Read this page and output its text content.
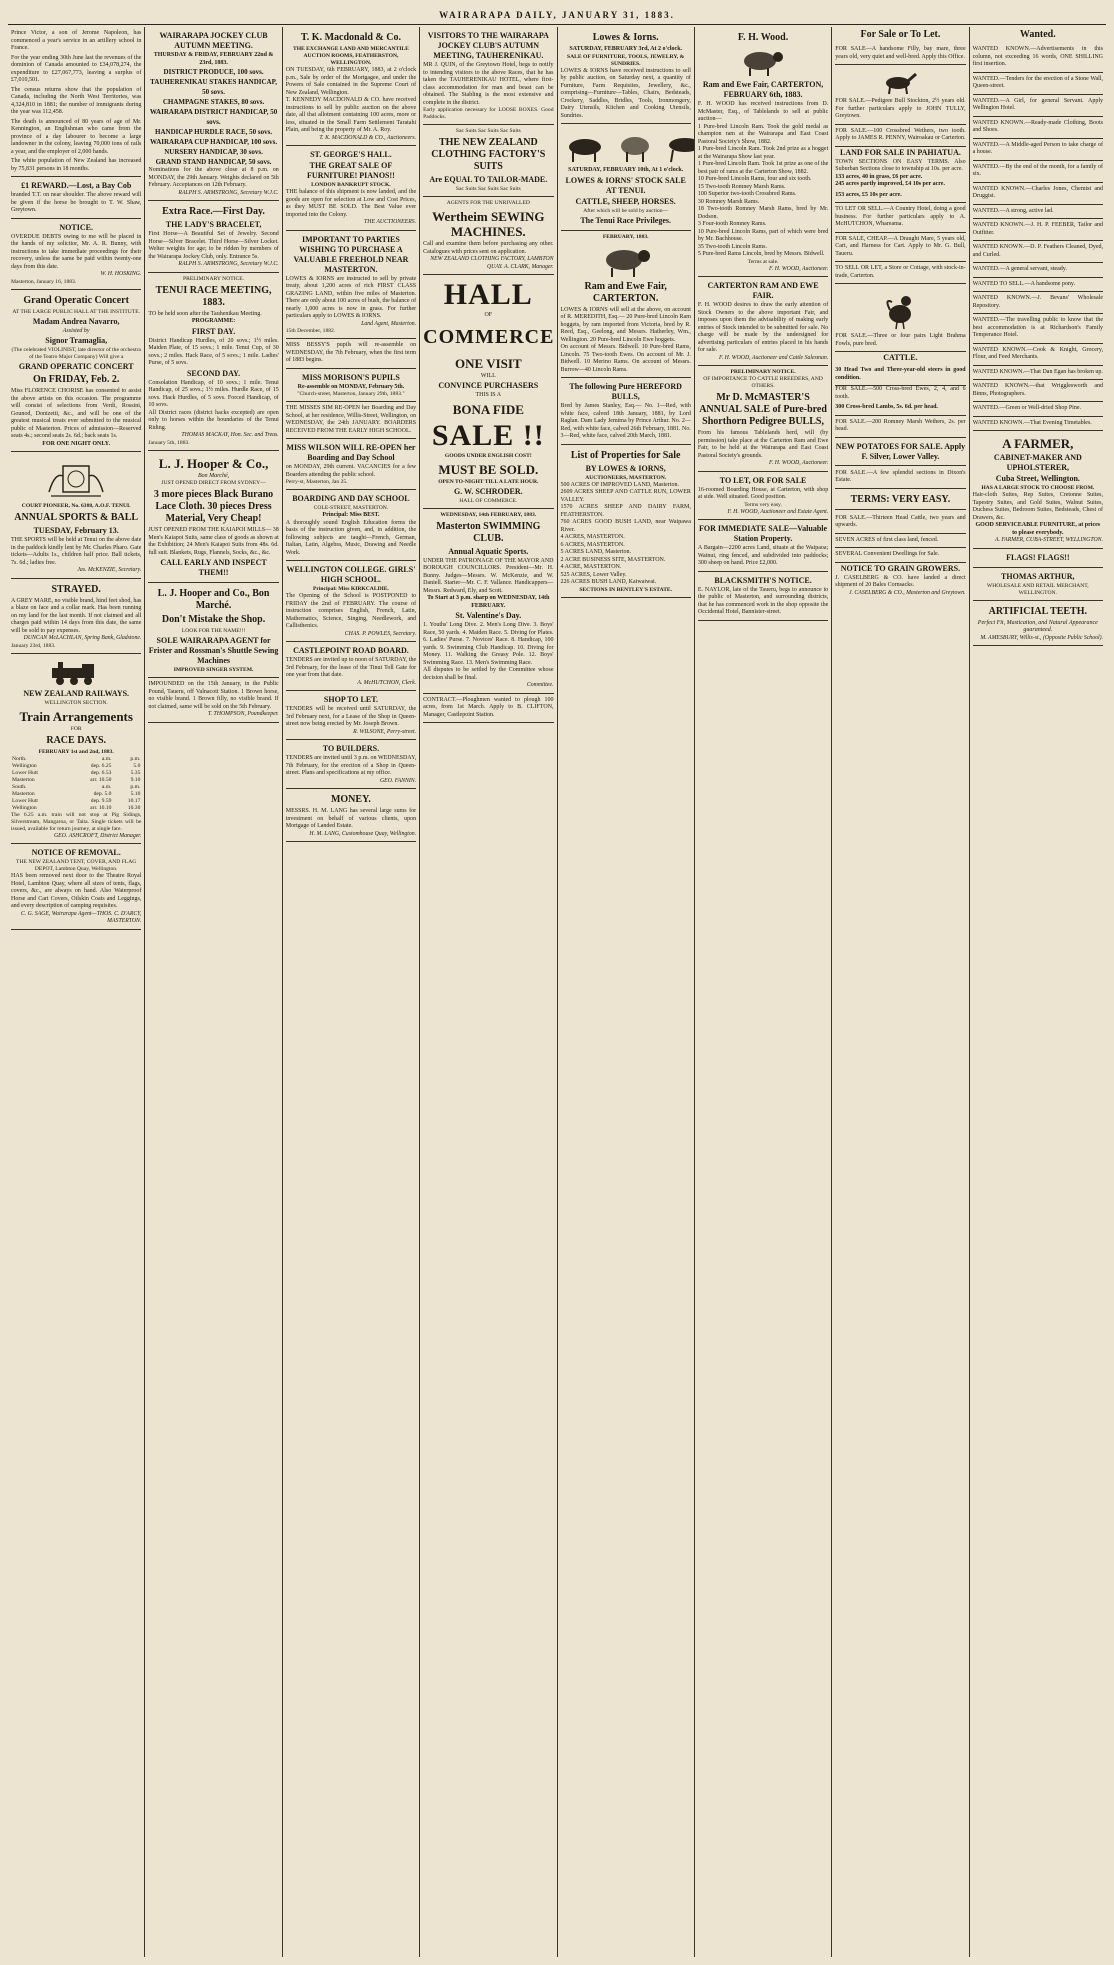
WAIRARAPA DAILY, JANUARY 31, 1883.

Prince Victor, a son of Jerome Napoleon, has commenced a year's service in an artillery school in France.

For the year ending 30th June last the revenues of the dominion of Canada amounted to £34,078,274, the expenditure to £27,067,773, leaving a surplus of £7,010,501.

The census returns show that the population of Canada, including the North West Territories, was 4,324,810 in 1881; the number of immigrants during the year was 112,458.

The death is announced of 80 years of age of Mr. Kennington, an Englishman who came from the province of a day labourer to become a large landowner in the colony, leaving 70,000 tons of rails a year, and the employer of 2,000 hands.

The white population of New Zealand has increased by 75,831 persons in 18 months.

£1 REWARD.—Lost, a Bay Cob
branded T.T. on near shoulder. The above reward will be given if the horse be brought to T. W. Shaw, Greytown.
NOTICE.
OVERDUE DEBTS owing to me will be placed in the hands of my solicitor, Mr. A. R. Bunny, with instructions to take immediate proceedings for their recovery, unless the same be paid within twenty-one days from this date.
W. H. HOSKING.
Masterton, January 16, 1883.
Grand Operatic Concert
AT THE LARGE PUBLIC HALL AT THE INSTITUTE.
Madam Andrea Navarro,
Assisted by
Signor Tramaglia,
(The celebrated VIOLINIST, late director of the orchestra of the Teatro Major Company) Will give a
GRAND OPERATIC CONCERT
On FRIDAY, Feb. 2.
Miss FLORENCE CHORISE has consented to assist the above artists on this occasion. The programme will consist of selections from Verdi, Rossini, Gounod, Donizetti, &c., and will be one of the greatest musical treats ever submitted to the musical public of Masterton. Prices of admission—Reserved seats 4s.; second seats 2s. 6d.; back seats 1s.
FOR ONE NIGHT ONLY.
COURT PIONEER, No. 6388, A.O.F. TENUI.
ANNUAL SPORTS & BALL
TUESDAY, February 13.
THE SPORTS will be held at Tenui on the above date in the paddock kindly lent by Mr. Charles Pharo. Gate tickets—Adults 1s., children half price. Ball tickets, 7s. 6d.; ladies free.
Jas. McKENZIE, Secretary.
STRAYED.
A GREY MARE, no visible brand, hind feet shod, has a blaze on face and a collar mark. Has been running on my land for the last month. If not claimed and all charges paid within 14 days from this date, the same will be sold to pay expenses.
DUNCAN McLACHLAN, Spring Bank, Gladstone.
January 23rd, 1883.
NEW ZEALAND RAILWAYS.
WELLINGTON SECTION.
Train Arrangements
FOR
RACE DAYS.
FEBRUARY 1st and 2nd, 1883.
North.	a.m.	p.m.
Wellington	dep. 6.25	5.0
Lower Hutt	dep. 6.53	5.35
Masterton	arr. 10.50	9.10
South.	a.m.	p.m.
Masterton	dep. 5.0	5.10
Lower Hutt	dep. 9.59	10.17
Wellington	arr. 10.10	10.30
The 6.25 a.m. train will not stop at Pig Sidings, Silverstream, Mangaroa, or Taita. Single tickets will be issued, available for return journey, at single fare.
GEO. ASHCROFT, District Manager.
NOTICE OF REMOVAL.
THE NEW ZEALAND TENT, COVER, AND FLAG DEPOT, Lambton Quay, Wellington.
HAS been removed next door to the Theatre Royal Hotel, Lambton Quay, where all sizes of tents, flags, covers, &c., are always on hand. Also Waterproof Horse and Cart Covers, Oilskin Coats and Leggings, and every description of camping requisites.
C. G. SAGE, Wairarapa Agent—THOS. C. D'ARCY, MASTERTON.
WAIRARAPA JOCKEY CLUB AUTUMN MEETING.
THURSDAY & FRIDAY, FEBRUARY 22nd & 23rd, 1883.
DISTRICT PRODUCE, 100 sovs.
TAUHERENIKAU STAKES HANDICAP, 50 sovs.
CHAMPAGNE STAKES, 80 sovs.
WAIRARAPA DISTRICT HANDICAP, 50 sovs.
HANDICAP HURDLE RACE, 50 sovs.
WAIRARAPA CUP HANDICAP, 100 sovs.
NURSERY HANDICAP, 30 sovs.
GRAND STAND HANDICAP, 50 sovs.
Nominations for the above close at 8 p.m. on MONDAY, the 29th January. Weights declared on 5th February. Acceptances on 12th February.
RALPH S. ARMSTRONG, Secretary W.J.C.
Extra Race.—First Day.
THE LADY'S BRACELET,
First Horse—A Beautiful Set of Jewelry. Second Horse—Silver Bracelet. Third Horse—Silver Locket. Welter weights for age; to be ridden by members of the Wairarapa Jockey Club, only. Entrance 5s.
RALPH S. ARMSTRONG, Secretary W.J.C.
PRELIMINARY NOTICE.
TENUI RACE MEETING, 1883.
TO be held soon after the Tauhenikau Meeting.
PROGRAMME:
FIRST DAY.
District Handicap Hurdles, of 20 sovs.; 1½ miles. Maiden Plate, of 15 sovs.; 1 mile. Tenui Cup, of 30 sovs.; 2 miles. Hack Race, of 5 sovs.; 1 mile. Ladies' Purse, of 5 sovs.
SECOND DAY.
Consolation Handicap, of 10 sovs.; 1 mile. Tenui Handicap, of 25 sovs.; 1½ miles. Hurdle Race, of 15 sovs. Hack Hurdles, of 5 sovs. Forced Handicap, of 10 sovs.
All District races (district hacks excepted) are open only to horses within the boundaries of the Tenui Riding.
THOMAS MACKAY, Hon. Sec. and Treas.
January 5th, 1883.
L. J. Hooper & Co.,
Bon Marché,
JUST OPENED DIRECT FROM SYDNEY—
3 more pieces Black Burano Lace Cloth. 30 pieces Dress Material, Very Cheap!
JUST OPENED FROM THE KAIAPOI MILLS— 38 Men's Kaiapoi Suits, same class of goods as shown at the Exhibition; 24 Men's Kaiapoi Suits from 48s. 6d. full suit. Blankets, Rugs, Flannels, Socks, &c., &c.
CALL EARLY AND INSPECT THEM!!
L. J. Hooper and Co., Bon Marché.
Don't Mistake the Shop.
LOOK FOR THE NAME!!!
SOLE WAIRARAPA AGENT for Frister and Rossman's Shuttle Sewing Machines
IMPROVED SINGER SYSTEM.
IMPOUNDED on the 15th January, in the Public Pound, Taueru, off Valnacott Station. 1 Brown horse, no visible brand. 1 Brown filly, no visible brand. If not claimed, same will be sold on the 5th February.
T. THOMPSON, Poundkeeper.
T. K. Macdonald & Co.
THE EXCHANGE LAND AND MERCANTILE AUCTION ROOMS, FEATHERSTON, WELLINGTON.
ON TUESDAY, 6th FEBRUARY, 1883, at 2 o'clock p.m., Sale by order of the Mortgagee, and under the Powers of Sale contained in the Supreme Court of New Zealand, Wellington.
T. KENNEDY MACDONALD & CO. have received instructions to sell by public auction on the above date, all that allotment containing 100 acres, more or less, situated in the Small Farm Settlement Taratahi Plain, and being the property of Mr. A. Roy.
T. K. MACDONALD & CO., Auctioneers.
ST. GEORGE'S HALL.
THE GREAT SALE OF FURNITURE! PIANOS!!
LONDON BANKRUPT STOCK.
THE balance of this shipment is now landed, and the goods are open for selection at Low and Cost Prices, as they MUST BE SOLD. The Best Value ever imported into the Colony.
THE AUCTIONEERS.
IMPORTANT TO PARTIES WISHING TO PURCHASE A VALUABLE FREEHOLD NEAR MASTERTON.
LOWES & IORNS are instructed to sell by private treaty, about 1,200 acres of rich FIRST CLASS GRAZING LAND, within five miles of Masterton. There are only about 100 acres of bush, the balance of nearly 1,000 acres is now in grass. For further particulars apply to LOWES & IORNS.
Land Agent, Masterton.
15th December, 1882.
MISS BESSY'S pupils will re-assemble on WEDNESDAY, the 7th February, when the first term of 1883 begins.
MISS MORISON'S PUPILS
Re-assemble on MONDAY, February 5th.
"Church-street, Masterton, January 29th, 1883."
THE MISSES SIM RE-OPEN her Boarding and Day School, at her residence, Willis-Street, Wellington, on WEDNESDAY, the 24th JANUARY. BOARDERS RECEIVED FROM THE EARLY HIGH SCHOOL.
MISS WILSON WILL RE-OPEN her Boarding and Day School
on MONDAY, 29th current. VACANCIES for a few Boarders attending the public school.
Perry-st, Masterton, Jan 25.
BOARDING AND DAY SCHOOL
COLE-STREET, MASTERTON.
Principal: Miss BEST.
A thoroughly sound English Education forms the basis of the instruction given, and, in addition, the following subjects are taught—French, German, Italian, Latin, Algebra, Music, Drawing and Needle Work.
WELLINGTON COLLEGE. GIRLS' HIGH SCHOOL.
Principal: Miss KIRKCALDIE.
The Opening of the School is POSTPONED to FRIDAY the 2nd of FEBRUARY. The course of instruction comprises English, French, Latin, Mathematics, Science, Singing, Needlework, and Callisthenics.
CHAS. P. POWLES, Secretary.
CASTLEPOINT ROAD BOARD.
TENDERS are invited up to noon of SATURDAY, the 3rd February, for the lease of the Tinui Toll Gate for one year from that date.
A. McHUTCHON, Clerk.
SHOP TO LET.
TENDERS will be received until SATURDAY, the 3rd February next, for a Lease of the Shop in Queen-street now being erected by Mr. Joseph Brown.
R. WILSONE, Perry-street.
TO BUILDERS.
TENDERS are invited until 3 p.m. on WEDNESDAY, 7th February, for the erection of a Shop in Queen-street. Plans and specifications at my office.
GEO. FANNIN.
MONEY.
MESSRS. H. M. LANG has several large sums for investment on behalf of various clients, upon Mortgage of Landed Estate.
H. M. LANG, Customhouse Quay, Wellington.
VISITORS TO THE WAIRARAPA JOCKEY CLUB'S AUTUMN MEETING, TAUHERENIKAU.
MR J. QUIN, of the Greytown Hotel, begs to notify to intending visitors to the above Races, that he has taken the TAUHERENIKAU HOTEL, where first-class accommodation for man and beast can be obtained. The Stabling is the most extensive and complete in the district.
Early application necessary for LOOSE BOXES. Good Paddocks.
Sac Suits Sac Suits Sac Suits
THE NEW ZEALAND CLOTHING FACTORY'S SUITS
Are EQUAL TO TAILOR-MADE.
Sac Suits Sac Suits Sac Suits
AGENTS FOR THE UNRIVALLED
Wertheim SEWING MACHINES.
Call and examine them before purchasing any other. Catalogues with prices sent on application.
NEW ZEALAND CLOTHING FACTORY, LAMBTON QUAY. A. CLARK, Manager.
HALL
OF
COMMERCE
ONE VISIT
WILL
CONVINCE PURCHASERS
THIS IS A
BONA FIDE
SALE !!
GOODS UNDER ENGLISH COST!
MUST BE SOLD.
OPEN TO-NIGHT TILL A LATE HOUR.
G. W. SCHRODER.
HALL OF COMMERCE.
WEDNESDAY, 14th FEBRUARY, 1883.
Masterton SWIMMING CLUB.
Annual Aquatic Sports.
UNDER THE PATRONAGE OF THE MAYOR AND BOROUGH COUNCILLORS. President—Mr. H. Bunny. Judges—Messrs. W. McKenzie, and W. Daniell. Starter—Mr. C. F. Vallance. Handicappers—Messrs. Redward, Ely, and Scott.
To Start at 3 p.m. sharp on WEDNESDAY, 14th FEBRUARY.
St. Valentine's Day.
1. Youths' Long Dive. 2. Men's Long Dive. 3. Boys' Race, 50 yards. 4. Maiden Race. 5. Diving for Plates. 6. Ladies' Purse. 7. Novices' Race. 8. Handicap, 100 yards. 9. Swimming Club Handicap. 10. Diving for Money. 11. Walking the Greasy Pole. 12. Boys' Swimming Race. 13. Men's Swimming Race.
All disputes to be settled by the Committee whose decision shall be final.
Committee.
CONTRACT.—Ploughmen wanted to plough 100 acres, from 1st March. Apply to B. CLIFTON, Manager, Castlepoint Station.
Lowes & Iorns.
SATURDAY, FEBRUARY 3rd, At 2 o'clock.
SALE OF FURNITURE, TOOLS, JEWELRY, & SUNDRIES.
LOWES & IORNS have received instructions to sell by public auction, on Saturday next, a quantity of Furniture, Farm Requisites, Jewellery, &c., comprising—Furniture—Tables, Chairs, Bedsteads, Crockery, Saddles, Bridles, Tools, Ironmongery, Dairy Utensils, Kitchen and Cooking Utensils, Sundries.
SATURDAY, FEBRUARY 10th, At 1 o'clock.
LOWES & IORNS' STOCK SALE AT TENUI.
CATTLE, SHEEP, HORSES.
After which will be sold by auction—
The Tenui Race Privileges.
FEBRUARY, 1883.
Ram and Ewe Fair, CARTERTON.
LOWES & IORNS will sell at the above, on account of R. MEREDITH, Esq.— 20 Pure-bred Lincoln Ram hoggets, by ram imported from Victoria, bred by R. Reed, Esq., Geelong, and Messrs. Hatherley, Wm., Wellington. 20 Pure-bred Lincoln Ewe hoggets.
On account of Messrs. Bidwell. 10 Pure-bred Rams, Lincoln. 75 Two-tooth Ewes. On account of Mr. J. Bidwell. 10 Merino Rams. On account of Messrs. Burrow—40 Lincoln Rams.
The following Pure HEREFORD BULLS,
Bred by James Stanley, Esq.— No. 1—Red, with white face, calved 18th January, 1881, by Lord Raglan. Dam Lady Jemima by Prince Arthur. No. 2—Red, with white face, calved 26th February, 1881. No. 3—Red, white face, calved 20th March, 1881.
List of Properties for Sale
BY LOWES & IORNS,
AUCTIONEERS, MASTERTON.
500 ACRES OF IMPROVED LAND, Masterton.
2609 ACRES SHEEP AND CATTLE RUN, LOWER VALLEY.
1570 ACRES SHEEP AND DAIRY FARM, FEATHERSTON.
760 ACRES GOOD BUSH LAND, near Waipawa River.
4 ACRES, MASTERTON.
6 ACRES, MASTERTON.
5 ACRES LAND, Masterton.
2 ACRE BUSINESS SITE, MASTERTON.
4 ACRE, MASTERTON.
525 ACRES, Lower Valley.
226 ACRES BUSH LAND, Kaiwaiwai.
SECTIONS IN BENTLEY'S ESTATE.
F. H. Wood.
Ram and Ewe Fair, CARTERTON, FEBRUARY 6th, 1883.
F. H. WOOD has received instructions from D. McMaster, Esq., of Tablelands to sell at public auction—
1 Pure-bred Lincoln Ram. Took the gold medal as champion ram at the Wairarapa and East Coast Pastoral Society's Show, 1882.
1 Pure-bred Lincoln Ram. Took 2nd prize as a hogget at the Wairarapa Show last year.
1 Pure-bred Lincoln Ram. Took 1st prize as one of the best pair of rams at the Carterton Show, 1882.
10 Pure-bred Lincoln Rams, four and six tooth.
15 Two-tooth Romney Marsh Rams.
100 Superior two-tooth Crossbred Rams.
30 Romney Marsh Rams.
18 Two-tooth Romney Marsh Rams, bred by Mr. Dodson.
3 Four-tooth Romney Rams.
10 Pure-bred Lincoln Rams, part of which were bred by Mr. Bachhouse.
35 Two-tooth Lincoln Rams.
5 Pure-bred Rams Lincoln, bred by Messrs. Bidwell.
Terms at sale.
F. H. WOOD, Auctioneer.
CARTERTON RAM AND EWE FAIR.
F. H. WOOD desires to draw the early attention of Stock Owners to the above important Fair, and imposes upon them the advisability of making early entries of Stock intended to be submitted for sale. No charge will be made by the undersigned for advertising particulars of entries placed in his hands for sale.
F. H. WOOD, Auctioneer and Cattle Salesman.
PRELIMINARY NOTICE.
OF IMPORTANCE TO CATTLE BREEDERS, AND OTHERS.
Mr D. McMASTER'S ANNUAL SALE of Pure-bred Shorthorn Pedigree BULLS,
From his famous Tablelands herd, will (by permission) take place at the Carterton Ram and Ewe Fair, to be held at the Wairarapa and East Coast Pastoral Society's grounds.
F. H. WOOD, Auctioneer.
TO LET, OR FOR SALE
16-roomed Boarding House, at Carterton, with shop at side. Well situated. Good position.
Terms very easy.
F. H. WOOD, Auctioneer and Estate Agent.
FOR IMMEDIATE SALE—Valuable Station Property.
A Bargain—2200 acres Land, situate at the Waipaoa; Wainui, ring fenced, and subdivided into paddocks; 300 sheep on hand. Price £2,000.
BLACKSMITH'S NOTICE.
E. NAYLOR, late of the Taueru, begs to announce to the public of Masterton, and surrounding districts, that he has commenced work in the shop opposite the Occidental Hotel, Bannister-street.
For Sale or To Let.
FOR SALE—A handsome Filly, bay mare, three years old, very quiet and well-bred. Apply this Office.
FOR SALE.—Pedigree Bull Stockton, 2½ years old. For further particulars apply to JOHN TULLY, Greytown.
FOR SALE.—100 Crossbred Wethers, two tooth. Apply to JAMES R. PENNY, Wairoakau or Carterton.
LAND FOR SALE IN PAHIATUA.
TOWN SECTIONS ON EASY TERMS. Also Suburban Sections close to township at 10s. per acre.
133 acres, 40 in grass, £6 per acre.
245 acres partly improved, £4 10s per acre.
153 acres, £5 10s per acre.
TO LET OR SELL.—A Country Hotel, doing a good business. For further particulars apply to A. McHUTCHON, Whareama.
FOR SALE, CHEAP.—A Draught Mare, 5 years old, Cart, and Harness for Cart. Apply to Mr. G. Bull, Taueru.
TO SELL OR LET, a Store or Cottage, with stock-in-trade, Carterton.
FOR SALE.—Three or four pairs Light Brahma Fowls, pure bred.
CATTLE.
30 Head Two and Three-year-old steers in good condition.
FOR SALE.—500 Cross-bred Ewes, 2, 4, and 6 tooth.
300 Cross-bred Lambs, 5s. 6d. per head.
FOR SALE.—200 Romney Marsh Wethers, 2s. per head.
NEW POTATOES FOR SALE. Apply F. Silver, Lower Valley.
FOR SALE.—A few splendid sections in Dixon's Estate.
TERMS: VERY EASY.
FOR SALE.—Thirteen Head Cattle, two years and upwards.
SEVEN ACRES of first class land, fenced.
SEVERAL Convenient Dwellings for Sale.
NOTICE TO GRAIN GROWERS.
J. CASELBERG & CO. have landed a direct shipment of 20 Bales Cornsacks.
J. CASELBERG & CO., Masterton and Greytown.
Wanted.
WANTED KNOWN.—Advertisements in this column, not exceeding 16 words, ONE SHILLING first insertion.
WANTED.—Tenders for the erection of a Stone Wall, Queen-street.
WANTED.—A Girl, for general Servant. Apply Wellington Hotel.
WANTED KNOWN.—Ready-made Clothing, Boots and Shoes.
WANTED.—A Middle-aged Person to take charge of a house.
WANTED.—By the end of the month, for a family of six.
WANTED KNOWN.—Charles Jones, Chemist and Druggist.
WANTED.—A strong, active lad.
WANTED KNOWN.—J. H. P. FEEBER, Tailor and Outfitter.
WANTED KNOWN.—D. P. Feathers Cleaned, Dyed, and Curled.
WANTED.—A general servant, steady.
WANTED TO SELL.—A handsome pony.
WANTED KNOWN.—J. Bevans' Wholesale Repository.
WANTED.—The travelling public to know that the best accommodation is at Richardson's Family Temperance Hotel.
WANTED KNOWN.—Cook & Knight, Grocery, Flour, and Feed Merchants.
WANTED KNOWN.—That Dan Egan has broken up.
WANTED KNOWN.—that Wrigglesworth and Binns, Photographers.
WANTED.—Green or Well-dried Shop Pine.
WANTED KNOWN.—That Evening Timetables.
A FARMER,
CABINET-MAKER AND UPHOLSTERER,
Cuba Street, Wellington.
HAS A LARGE STOCK TO CHOOSE FROM.
Hair-cloth Suites, Rep Suites, Cretonne Suites, Tapestry Suites, and Gold Suites, Walnut Suites, Duchess Suites, Bedroom Suites, Bedsteads, Chest of Drawers, &c.
GOOD SERVICEABLE FURNITURE, at prices to please everybody.
A. FARMER, CUBA-STREET, WELLINGTON.
FLAGS! FLAGS!!
THOMAS ARTHUR,
WHOLESALE AND RETAIL MERCHANT, WELLINGTON.
ARTIFICIAL TEETH.
Perfect Fit, Mastication, and Natural Appearance guaranteed.
M. AMESBURY, Willis-st., (Opposite Public School).
